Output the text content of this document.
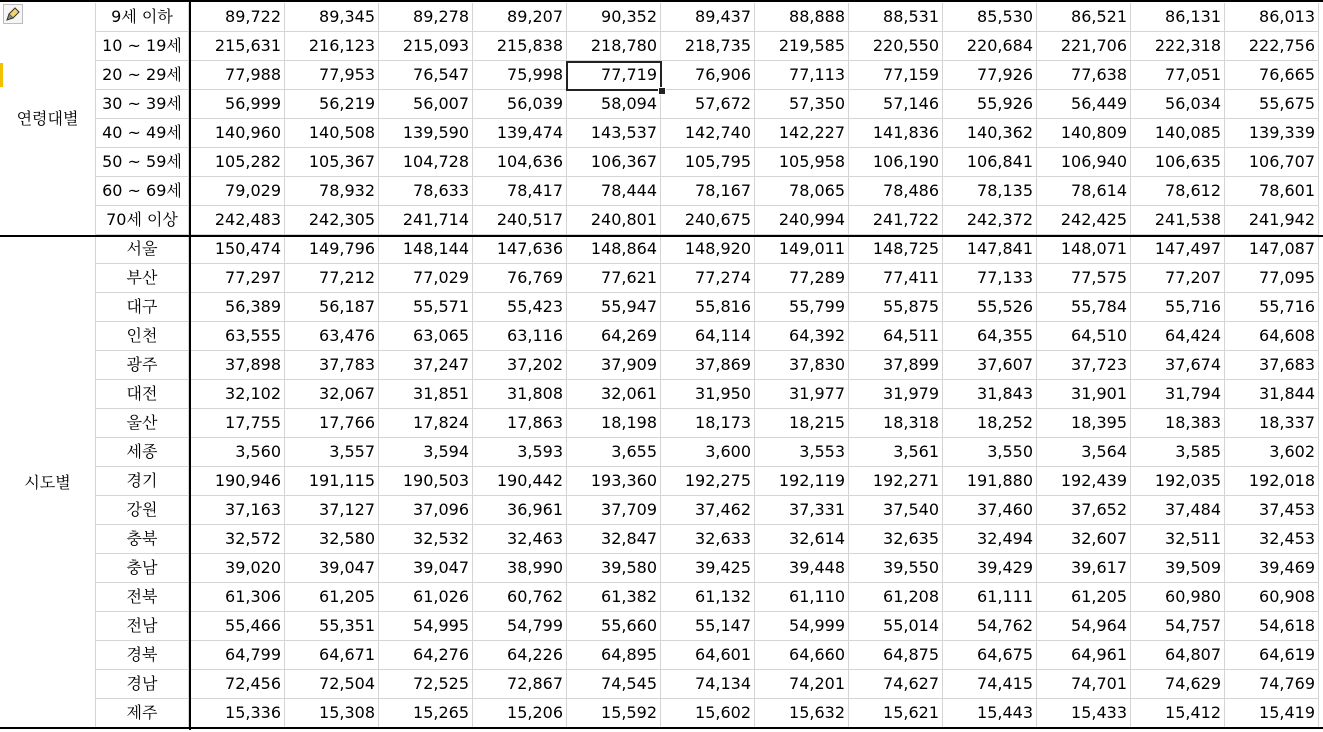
9세 이하	89,722	89,345	89,278	89,207	90,352	89,437	88,888	88,531	85,530	86,521	86,131	86,013
10 ~ 19세	215,631	216,123	215,093	215,838	218,780	218,735	219,585	220,550	220,684	221,706	222,318	222,756
20 ~ 29세	77,988	77,953	76,547	75,998	77,719	76,906	77,113	77,159	77,926	77,638	77,051	76,665
30 ~ 39세	56,999	56,219	56,007	56,039	58,094	57,672	57,350	57,146	55,926	56,449	56,034	55,675
40 ~ 49세	140,960	140,508	139,590	139,474	143,537	142,740	142,227	141,836	140,362	140,809	140,085	139,339
50 ~ 59세	105,282	105,367	104,728	104,636	106,367	105,795	105,958	106,190	106,841	106,940	106,635	106,707
60 ~ 69세	79,029	78,932	78,633	78,417	78,444	78,167	78,065	78,486	78,135	78,614	78,612	78,601
70세 이상	242,483	242,305	241,714	240,517	240,801	240,675	240,994	241,722	242,372	242,425	241,538	241,942
연령대별
서울	150,474	149,796	148,144	147,636	148,864	148,920	149,011	148,725	147,841	148,071	147,497	147,087
부산	77,297	77,212	77,029	76,769	77,621	77,274	77,289	77,411	77,133	77,575	77,207	77,095
대구	56,389	56,187	55,571	55,423	55,947	55,816	55,799	55,875	55,526	55,784	55,716	55,716
인천	63,555	63,476	63,065	63,116	64,269	64,114	64,392	64,511	64,355	64,510	64,424	64,608
광주	37,898	37,783	37,247	37,202	37,909	37,869	37,830	37,899	37,607	37,723	37,674	37,683
대전	32,102	32,067	31,851	31,808	32,061	31,950	31,977	31,979	31,843	31,901	31,794	31,844
울산	17,755	17,766	17,824	17,863	18,198	18,173	18,215	18,318	18,252	18,395	18,383	18,337
세종	3,560	3,557	3,594	3,593	3,655	3,600	3,553	3,561	3,550	3,564	3,585	3,602
경기	190,946	191,115	190,503	190,442	193,360	192,275	192,119	192,271	191,880	192,439	192,035	192,018
강원	37,163	37,127	37,096	36,961	37,709	37,462	37,331	37,540	37,460	37,652	37,484	37,453
충북	32,572	32,580	32,532	32,463	32,847	32,633	32,614	32,635	32,494	32,607	32,511	32,453
충남	39,020	39,047	39,047	38,990	39,580	39,425	39,448	39,550	39,429	39,617	39,509	39,469
전북	61,306	61,205	61,026	60,762	61,382	61,132	61,110	61,208	61,111	61,205	60,980	60,908
전남	55,466	55,351	54,995	54,799	55,660	55,147	54,999	55,014	54,762	54,964	54,757	54,618
경북	64,799	64,671	64,276	64,226	64,895	64,601	64,660	64,875	64,675	64,961	64,807	64,619
경남	72,456	72,504	72,525	72,867	74,545	74,134	74,201	74,627	74,415	74,701	74,629	74,769
제주	15,336	15,308	15,265	15,206	15,592	15,602	15,632	15,621	15,443	15,433	15,412	15,419
시도별
